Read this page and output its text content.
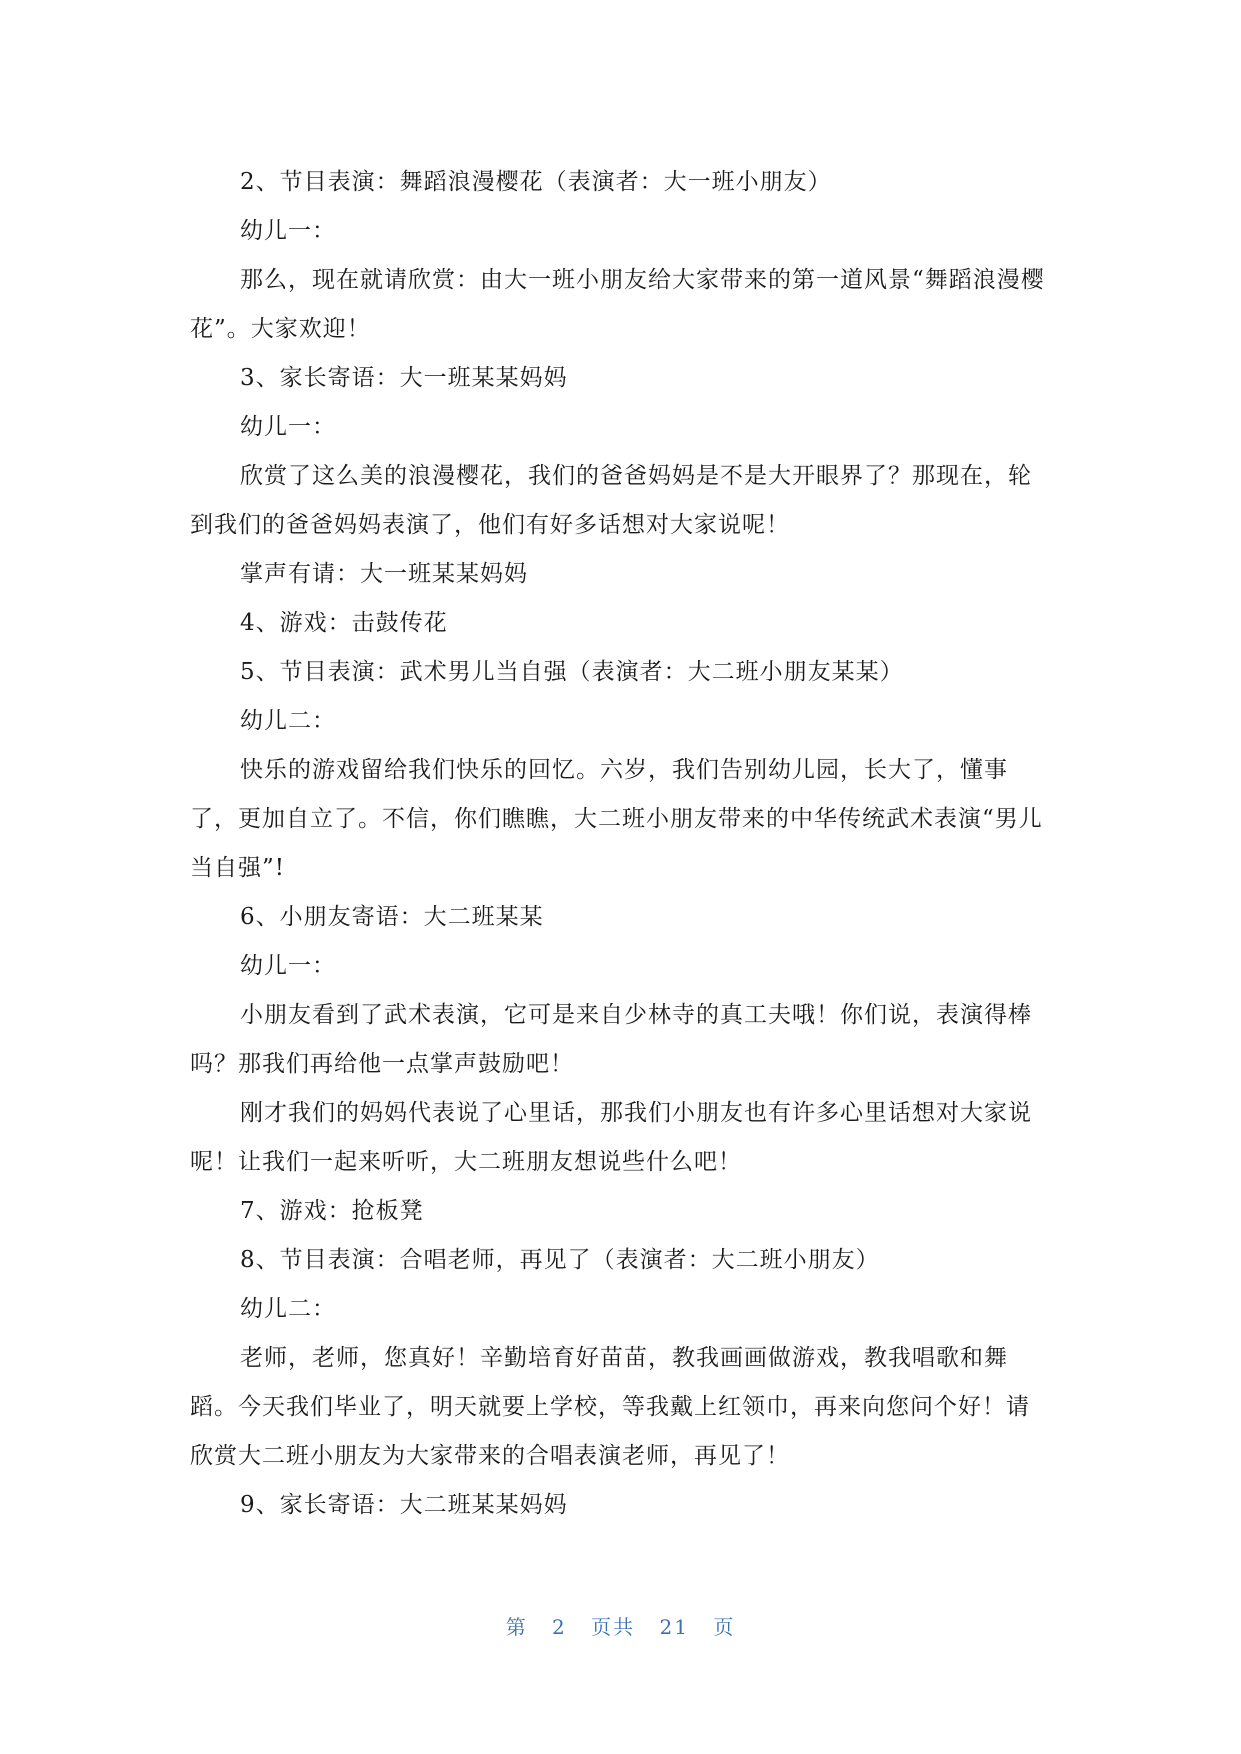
2、节目表演：舞蹈浪漫樱花（表演者：大一班小朋友）

幼儿一：

那么，现在就请欣赏：由大一班小朋友给大家带来的第一道风景“舞蹈浪漫樱花”。大家欢迎！

3、家长寄语：大一班某某妈妈

幼儿一：

欣赏了这么美的浪漫樱花，我们的爸爸妈妈是不是大开眼界了？那现在，轮到我们的爸爸妈妈表演了，他们有好多话想对大家说呢！

掌声有请：大一班某某妈妈

4、游戏：击鼓传花

5、节目表演：武术男儿当自强（表演者：大二班小朋友某某）

幼儿二：

快乐的游戏留给我们快乐的回忆。六岁，我们告别幼儿园，长大了，懂事了，更加自立了。不信，你们瞧瞧，大二班小朋友带来的中华传统武术表演“男儿当自强”!

6、小朋友寄语：大二班某某

幼儿一：

小朋友看到了武术表演，它可是来自少林寺的真工夫哦！你们说，表演得棒吗？那我们再给他一点掌声鼓励吧！

刚才我们的妈妈代表说了心里话，那我们小朋友也有许多心里话想对大家说呢！让我们一起来听听，大二班朋友想说些什么吧！

7、游戏：抢板凳

8、节目表演：合唱老师，再见了（表演者：大二班小朋友）

幼儿二：

老师，老师，您真好！辛勤培育好苗苗，教我画画做游戏，教我唱歌和舞蹈。今天我们毕业了，明天就要上学校，等我戴上红领巾，再来向您问个好！请欣赏大二班小朋友为大家带来的合唱表演老师，再见了！

9、家长寄语：大二班某某妈妈

第 2 页共 21 页
